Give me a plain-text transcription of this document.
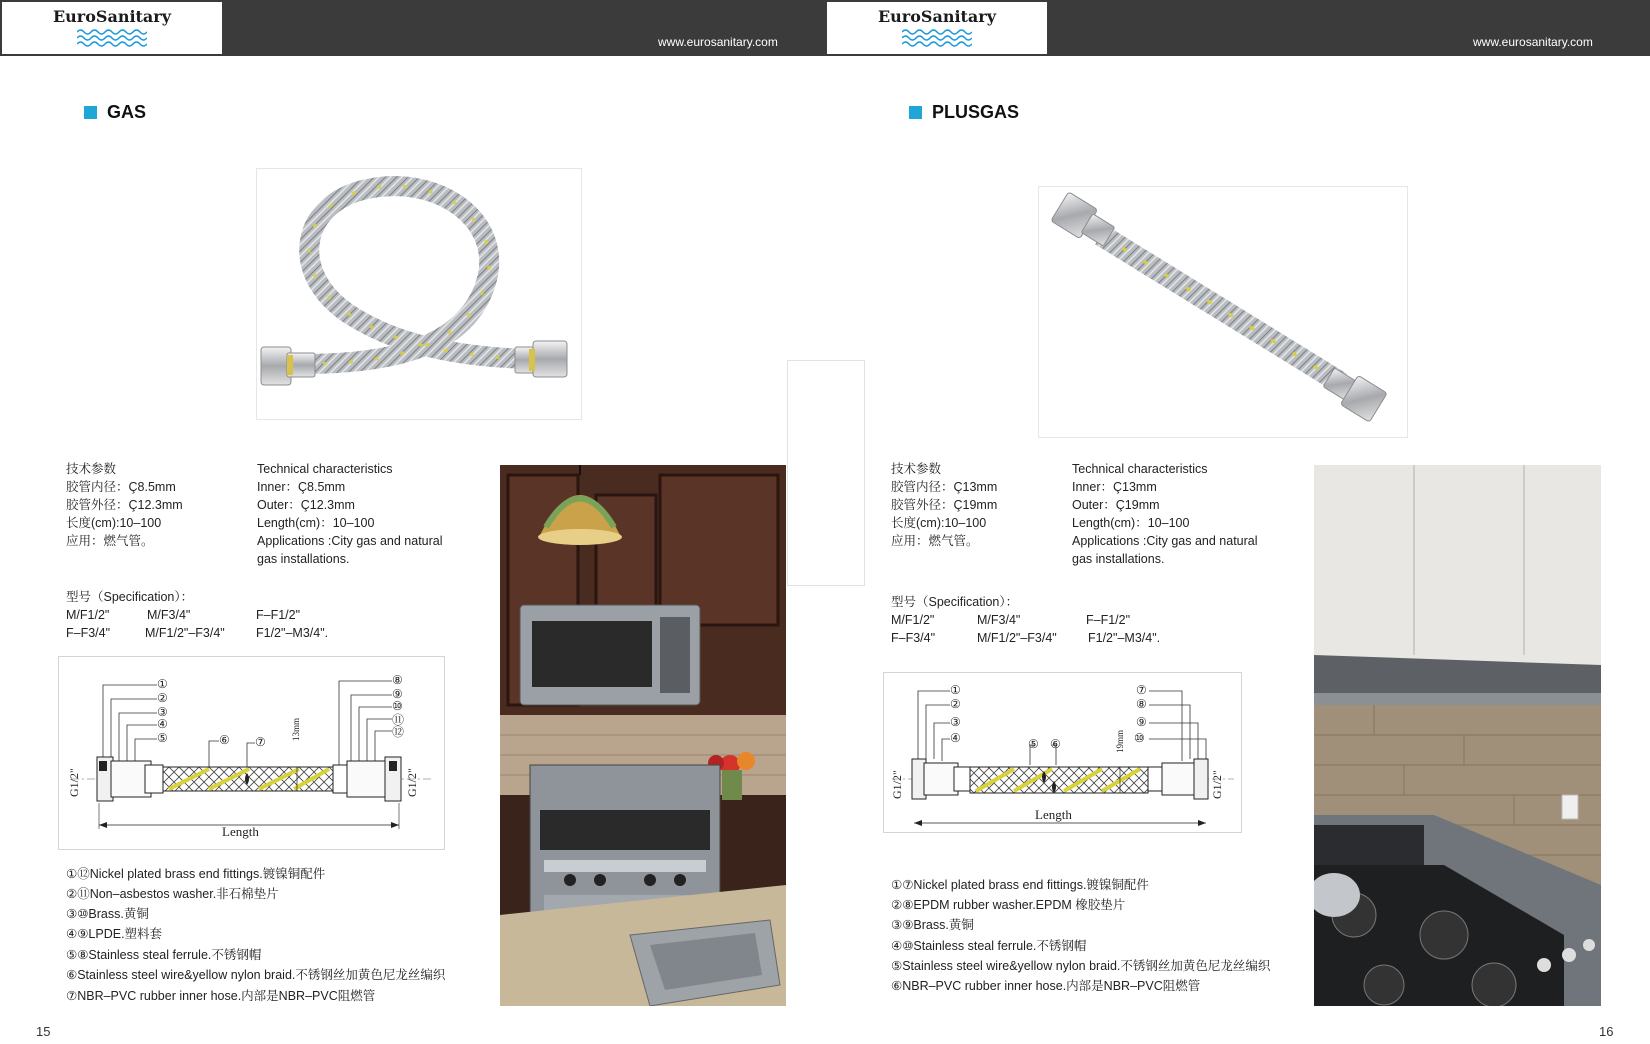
EuroSanitary
www.eurosanitary.com
EuroSanitary
www.eurosanitary.com
GAS
技术参数
胶管内径：Ç8.5mm
胶管外径：Ç12.3mm
长度(cm):10–100
应用：燃气管。
Technical characteristics
Inner：Ç8.5mm
Outer：Ç12.3mm
Length(cm)：10–100
Applications :City gas and natural
gas installations.
型号（Specification）：
M/F1/2"	M/F3/4"	F–F1/2"
F–F3/4"	M/F1/2"–F3/4"	F1/2"–M3/4".
①
②
③
④
⑤	⑥ ⑦
⑧
⑨
⑩
⑪
⑫
13mm
G1/2"	G1/2"
Length
①⑫Nickel plated brass end fittings.镀镍铜配件
②⑪Non–asbestos washer.非石棉垫片
③⑩Brass.黄铜
④⑨LPDE.塑料套
⑤⑧Stainless steal ferrule.不锈钢帽
⑥Stainless steel wire&yellow nylon braid.不锈钢丝加黄色尼龙丝编织
⑦NBR–PVC rubber inner hose.内部是NBR–PVC阻燃管
15
PLUSGAS
技术参数
胶管内径：Ç13mm
胶管外径：Ç19mm
长度(cm):10–100
应用：燃气管。
Technical characteristics
Inner：Ç13mm
Outer：Ç19mm
Length(cm)：10–100
Applications :City gas and natural
gas installations.
型号（Specification）：
M/F1/2"	M/F3/4"	F–F1/2"
F–F3/4"	M/F1/2"–F3/4"	F1/2"–M3/4".
①
②
③
④	⑤ ⑥
⑦
⑧
⑨
⑩
19mm
G1/2"	G1/2"
Length
①⑦Nickel plated brass end fittings.镀镍铜配件
②⑧EPDM rubber washer.EPDM 橡胶垫片
③⑨Brass.黄铜
④⑩Stainless steal ferrule.不锈钢帽
⑤Stainless steel wire&yellow nylon braid.不锈钢丝加黄色尼龙丝编织
⑥NBR–PVC rubber inner hose.内部是NBR–PVC阻燃管
16
